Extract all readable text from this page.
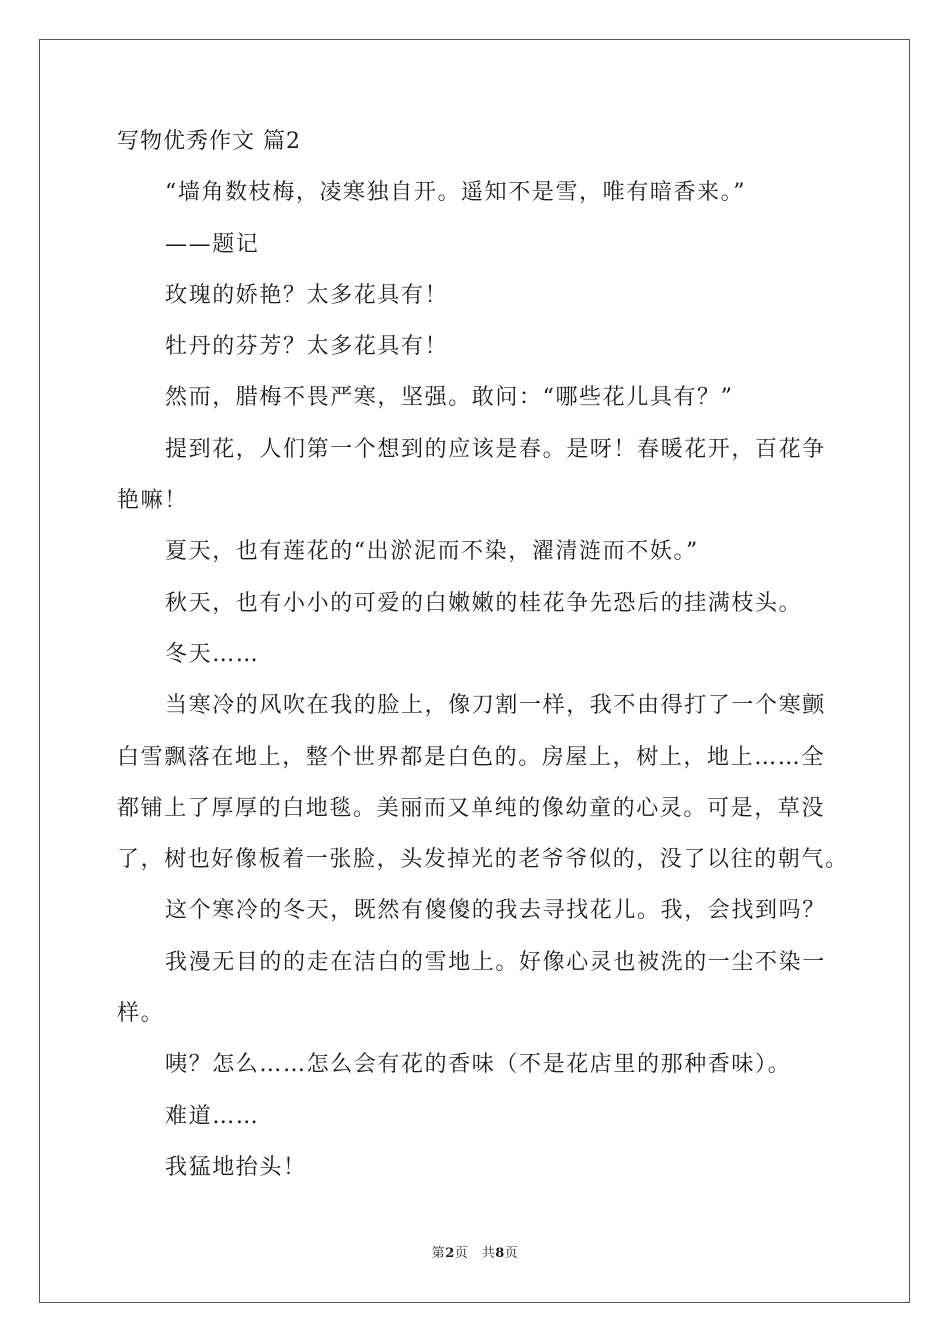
写物优秀作文 篇2
“墙角数枝梅，凌寒独自开。遥知不是雪，唯有暗香来。”
——题记
玫瑰的娇艳？太多花具有！
牡丹的芬芳？太多花具有！
然而，腊梅不畏严寒，坚强。敢问：“哪些花儿具有？”
提到花，人们第一个想到的应该是春。是呀！春暖花开，百花争
艳嘛！
夏天，也有莲花的“出淤泥而不染，濯清涟而不妖。”
秋天，也有小小的可爱的白嫩嫩的桂花争先恐后的挂满枝头。
冬天……
当寒冷的风吹在我的脸上，像刀割一样，我不由得打了一个寒颤
白雪飘落在地上，整个世界都是白色的。房屋上，树上，地上……全
都铺上了厚厚的白地毯。美丽而又单纯的像幼童的心灵。可是，草没
了，树也好像板着一张脸，头发掉光的老爷爷似的，没了以往的朝气。
这个寒冷的冬天，既然有傻傻的我去寻找花儿。我，会找到吗？
我漫无目的的走在洁白的雪地上。好像心灵也被洗的一尘不染一
样。
咦？怎么……怎么会有花的香味（不是花店里的那种香味）。
难道……
我猛地抬头！
第2页　共8页
